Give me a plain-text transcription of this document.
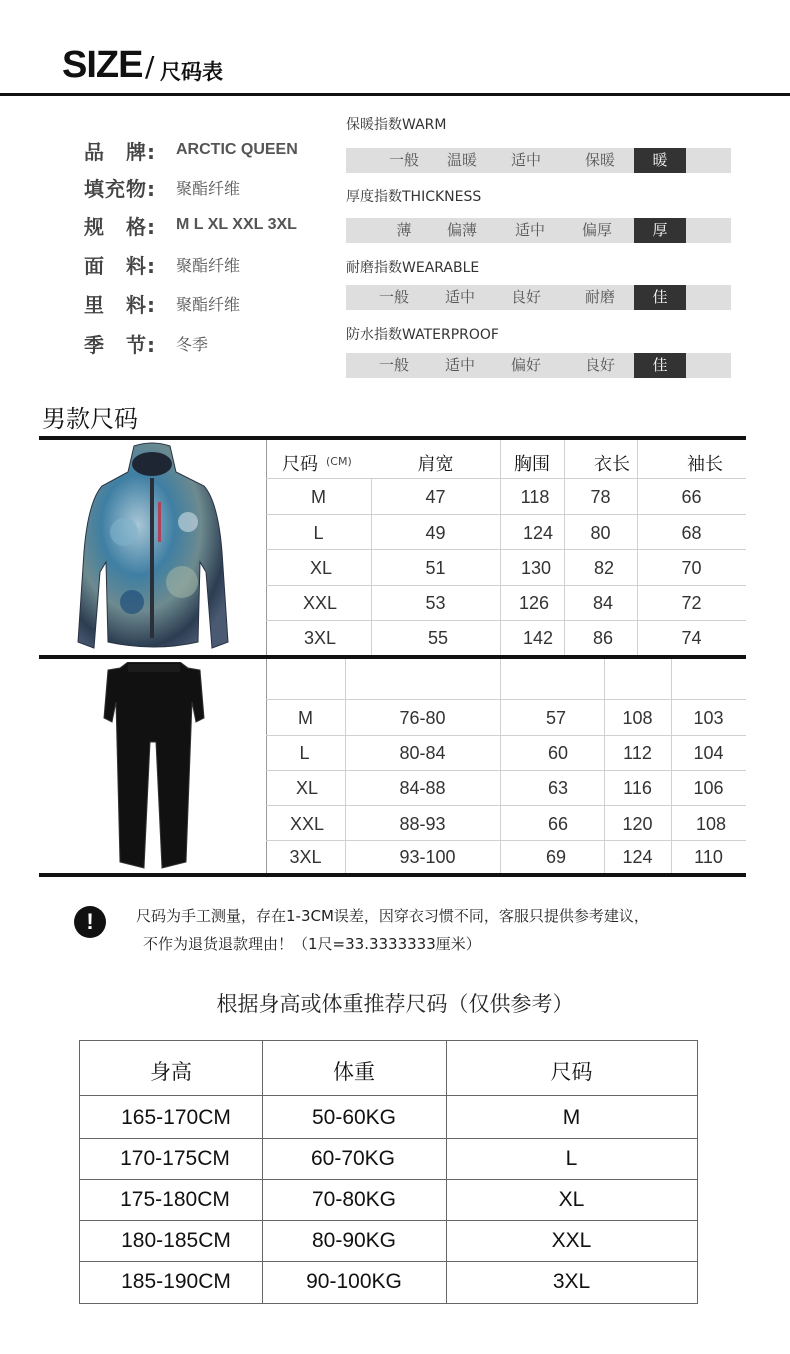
SIZE / 尺码表
品　牌:	ARCTIC QUEEN
填充物:	聚酯纤维
规　格:	M L XL XXL 3XL
面　料:	聚酯纤维
里　料:	聚酯纤维
季　节:	冬季
保暖指数WARM
一般	温暖	适中	保暖	暖
厚度指数THICKNESS
薄	偏薄	适中	偏厚	厚
耐磨指数WEARABLE
一般	适中	良好	耐磨	佳
防水指数WATERPROOF
一般	适中	偏好	良好	佳
男款尺码
尺码 (CM)	肩宽	胸围	衣长	袖长
M	47	118	78	66
L	49	124	80	68
XL	51	130	82	70
XXL	53	126	84	72
3XL	55	142	86	74
M	76-80	57	108	103
L	80-84	60	112	104
XL	84-88	63	116	106
XXL	88-93	66	120	108
3XL	93-100	69	124	110
!	尺码为手工测量，存在1-3CM误差，因穿衣习惯不同，客服只提供参考建议，
不作为退货退款理由！（1尺=33.3333333厘米）
根据身高或体重推荐尺码（仅供参考）
身高	体重	尺码
165-170CM	50-60KG	M
170-175CM	60-70KG	L
175-180CM	70-80KG	XL
180-185CM	80-90KG	XXL
185-190CM	90-100KG	3XL
